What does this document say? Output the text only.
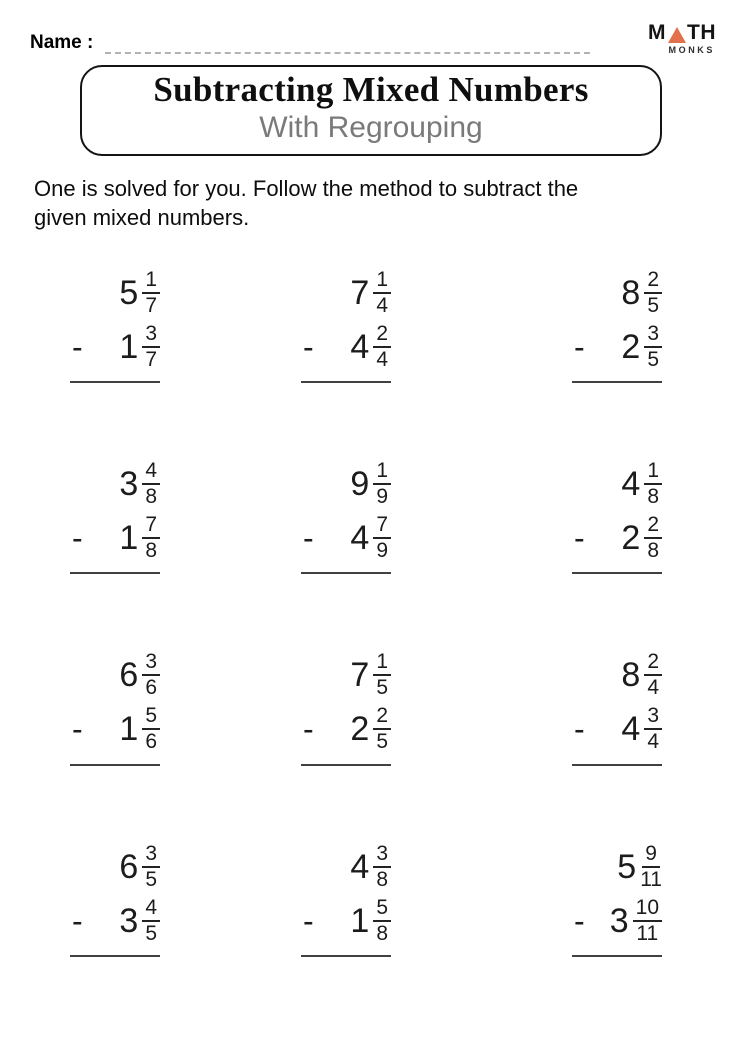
Name :	M TH
MONKS
Subtracting Mixed Numbers
With Regrouping
One is solved for you. Follow the method to subtract the
given mixed numbers.
$5 \frac{1}{7}$
- $1 \frac{3}{7}$
$7 \frac{1}{4}$
- $4 \frac{2}{4}$
$8 \frac{2}{5}$
- $2 \frac{3}{5}$
$3 \frac{4}{8}$
- $1 \frac{7}{8}$
$9 \frac{1}{9}$
- $4 \frac{7}{9}$
$4 \frac{1}{8}$
- $2 \frac{2}{8}$
$6 \frac{3}{6}$
- $1 \frac{5}{6}$
$7 \frac{1}{5}$
- $2 \frac{2}{5}$
$8 \frac{2}{4}$
- $4 \frac{3}{4}$
$6 \frac{3}{5}$
- $3 \frac{4}{5}$
$4 \frac{3}{8}$
- $1 \frac{5}{8}$
$5 \frac{9}{11}$
- $3 \frac{10}{11}$
